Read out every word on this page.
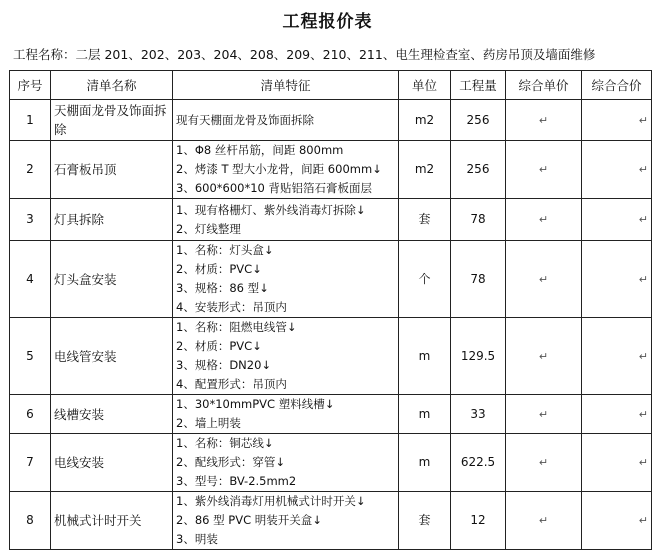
工程报价表
工程名称：二层 201、202、203、204、208、209、210、211、电生理检查室、药房吊顶及墙面维修
序号	清单名称	清单特征	单位	工程量	综合单价	综合合价
1	天棚面龙骨及饰面拆除	现有天棚面龙骨及饰面拆除	m2	256	↵	↵
2	石膏板吊顶	1、Φ8 丝杆吊筋，间距 800mm
2、烤漆 T 型大小龙骨，间距 600mm↓
3、600*600*10 背贴铝箔石膏板面层	m2	256	↵	↵
3	灯具拆除	1、现有格栅灯、紫外线消毒灯拆除↓
2、灯线整理	套	78	↵	↵
4	灯头盒安装	1、名称：灯头盒↓
2、材质：PVC↓
3、规格：86 型↓
4、安装形式：吊顶内	个	78	↵	↵
5	电线管安装	1、名称：阻燃电线管↓
2、材质：PVC↓
3、规格：DN20↓
4、配置形式：吊顶内	m	129.5	↵	↵
6	线槽安装	1、30*10mmPVC 塑料线槽↓
2、墙上明装	m	33	↵	↵
7	电线安装	1、名称：铜芯线↓
2、配线形式：穿管↓
3、型号：BV-2.5mm2	m	622.5	↵	↵
8	机械式计时开关	1、紫外线消毒灯用机械式计时开关↓
2、86 型 PVC 明装开关盒↓
3、明装	套	12	↵	↵
